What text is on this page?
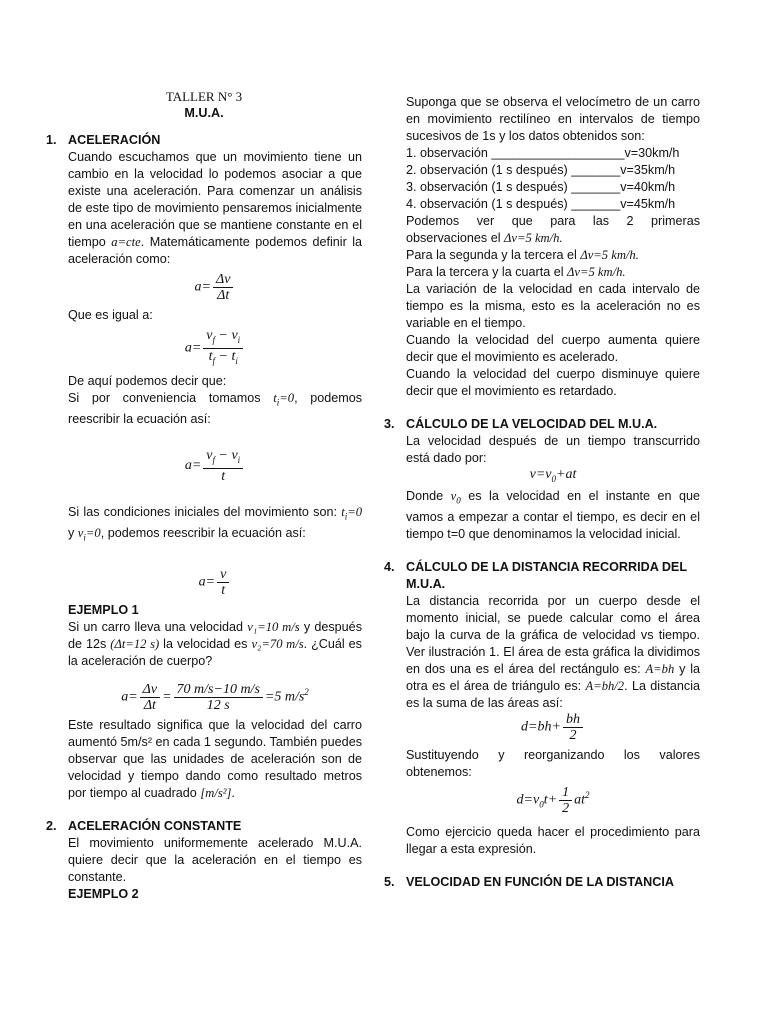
TALLER N° 3
M.U.A.
1. ACELERACIÓN

Cuando escuchamos que un movimiento tiene un cambio en la velocidad lo podemos asociar a que existe una aceleración. Para comenzar un análisis de este tipo de movimiento pensaremos inicialmente en una aceleración que se mantiene constante en el tiempo a=cte. Matemáticamente podemos definir la aceleración como:

$a= \frac{\Delta v}{\Delta t}$

Que es igual a:

$a= \frac{v_f - v_i}{t_f - t_i}$

De aquí podemos decir que:

Si por conveniencia tomamos $t_i=0$, podemos reescribir la ecuación así:

$a= \frac{v_f - v_i}{t}$

Si las condiciones iniciales del movimiento son: $t_i=0$ y $v_i=0$, podemos reescribir la ecuación así:

$a= \frac{v}{t}$

EJEMPLO 1

Si un carro lleva una velocidad v₁=10 m/s y después de 12s (Δt=12 s) la velocidad es v₂=70 m/s. ¿Cuál es la aceleración de cuerpo?

$a= \frac{\Delta v}{\Delta t} = \frac{70 m/s-10 m/s}{12 s} =5$ $m/s^2$

Este resultado significa que la velocidad del carro aumentó 5m/s² en cada 1 segundo. También puedes observar que las unidades de aceleración son de velocidad y tiempo dando como resultado metros por tiempo al cuadrado [m/s²].

2. ACELERACIÓN CONSTANTE

El movimiento uniformemente acelerado M.U.A. quiere decir que la aceleración en el tiempo es constante.

EJEMPLO 2

Suponga que se observa el velocímetro de un carro en movimiento rectilíneo en intervalos de tiempo sucesivos de 1s y los datos obtenidos son:

1. observación ___________________v=30km/h

2. observación (1 s después) _______v=35km/h

3. observación (1 s después) _______v=40km/h

4. observación (1 s después) _______v=45km/h

Podemos ver que para las 2 primeras observaciones el Δv=5 km/h.

Para la segunda y la tercera el Δv=5 km/h.

Para la tercera y la cuarta el Δv=5 km/h.

La variación de la velocidad en cada intervalo de tiempo es la misma, esto es la aceleración no es variable en el tiempo.

Cuando la velocidad del cuerpo aumenta quiere decir que el movimiento es acelerado.

Cuando la velocidad del cuerpo disminuye quiere decir que el movimiento es retardado.

3. CÁLCULO DE LA VELOCIDAD DEL M.U.A.

La velocidad después de un tiempo transcurrido está dado por:

$v=v_0+at$

Donde $v_0$ es la velocidad en el instante en que vamos a empezar a contar el tiempo, es decir en el tiempo t=0 que denominamos la velocidad inicial.

4. CÁLCULO DE LA DISTANCIA RECORRIDA DEL M.U.A.

La distancia recorrida por un cuerpo desde el momento inicial, se puede calcular como el área bajo la curva de la gráfica de velocidad vs tiempo. Ver ilustración 1. El área de esta gráfica la dividimos en dos una es el área del rectángulo es: A=bh y la otra es el área de triángulo es: A=bh/2. La distancia es la suma de las áreas así:

$d=bh+ \frac{bh}{2}$

Sustituyendo y reorganizando los valores obtenemos:

$d=v_0t+ \frac{1}{2} at^2$

Como ejercicio queda hacer el procedimiento para llegar a esta expresión.

5. VELOCIDAD EN FUNCIÓN DE LA DISTANCIA
